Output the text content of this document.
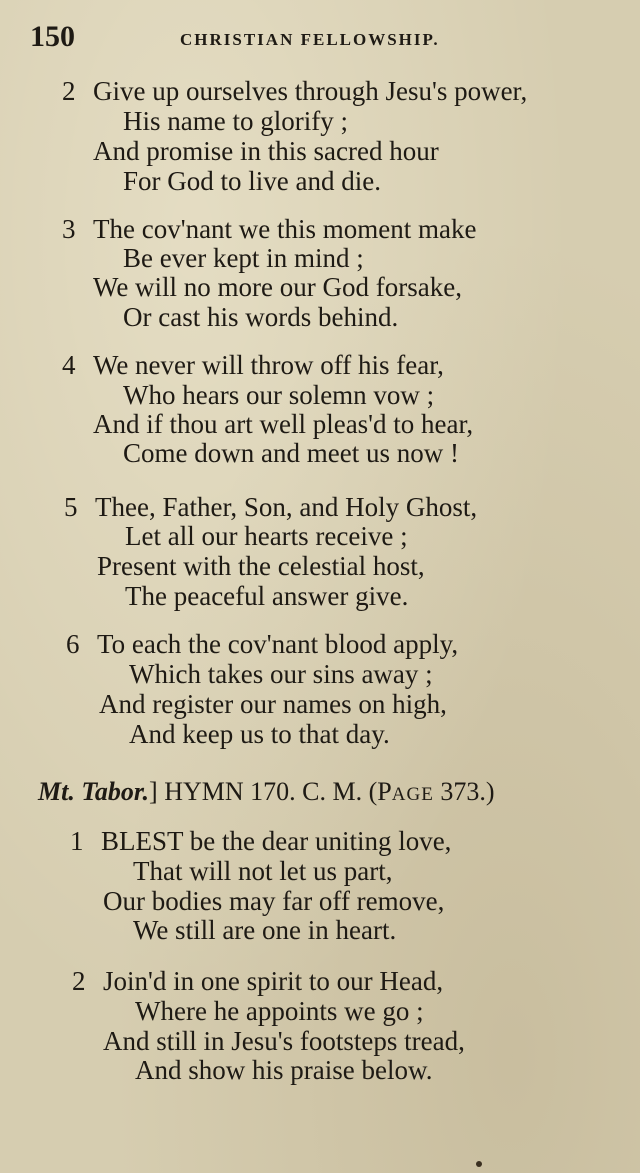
150	CHRISTIAN FELLOWSHIP.
2 Give up ourselves through Jesu's power,
His name to glorify ;
And promise in this sacred hour
For God to live and die.
3 The cov'nant we this moment make
Be ever kept in mind ;
We will no more our God forsake,
Or cast his words behind.
4 We never will throw off his fear,
Who hears our solemn vow ;
And if thou art well pleas'd to hear,
Come down and meet us now !
5 Thee, Father, Son, and Holy Ghost,
Let all our hearts receive ;
Present with the celestial host,
The peaceful answer give.
6 To each the cov'nant blood apply,
Which takes our sins away ;
And register our names on high,
And keep us to that day.
Mt. Tabor.] HYMN 170. C. M. (PAGE 373.)
1 BLEST be the dear uniting love,
That will not let us part,
Our bodies may far off remove,
We still are one in heart.
2 Join'd in one spirit to our Head,
Where he appoints we go ;
And still in Jesu's footsteps tread,
And show his praise below.
